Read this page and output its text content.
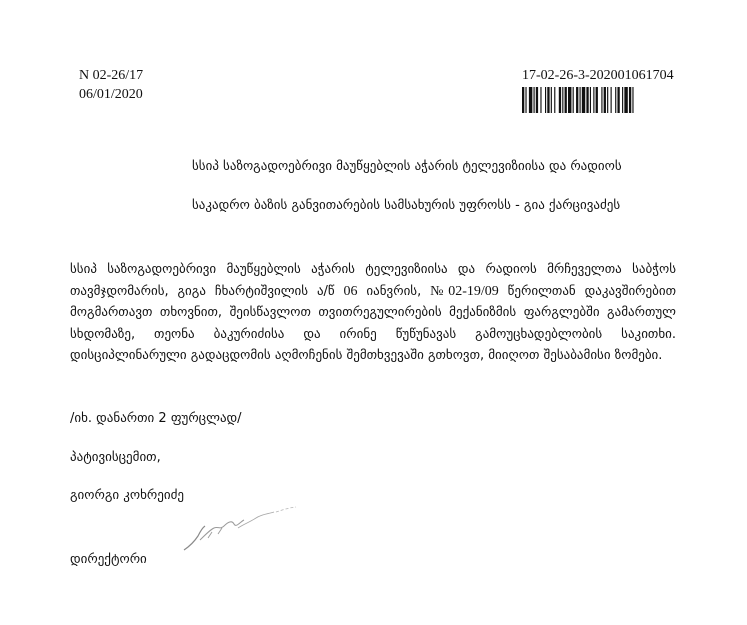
N 02-26/17
06/01/2020
17-02-26-3-202001061704
სსიპ საზოგადოებრივი მაუწყებლის აჭარის ტელევიზიისა და რადიოს
საკადრო ბაზის განვითარების სამსახურის უფროსს - გია ქარცივაძეს
სსიპ საზოგადოებრივი მაუწყებლის აჭარის ტელევიზიისა და რადიოს მრჩეველთა საბჭოს თავმჯდომარის, გიგა ჩხარტიშვილის ა/წ 06 იანვრის, №02-19/09 წერილთან დაკავშირებით მოგმართავთ თხოვნით, შეისწავლოთ თვითრეგულირების მექანიზმის ფარგლებში გამართულ სხდომაზე, თეონა ბაკურიძისა და ირინე წუწუნავას გამოუცხადებლობის საკითხი. დისციპლინარული გადაცდომის აღმოჩენის შემთხვევაში გთხოვთ, მიიღოთ შესაბამისი ზომები.
/იხ. დანართი 2 ფურცლად/
პატივისცემით,
გიორგი კოხრეიძე
დირექტორი
